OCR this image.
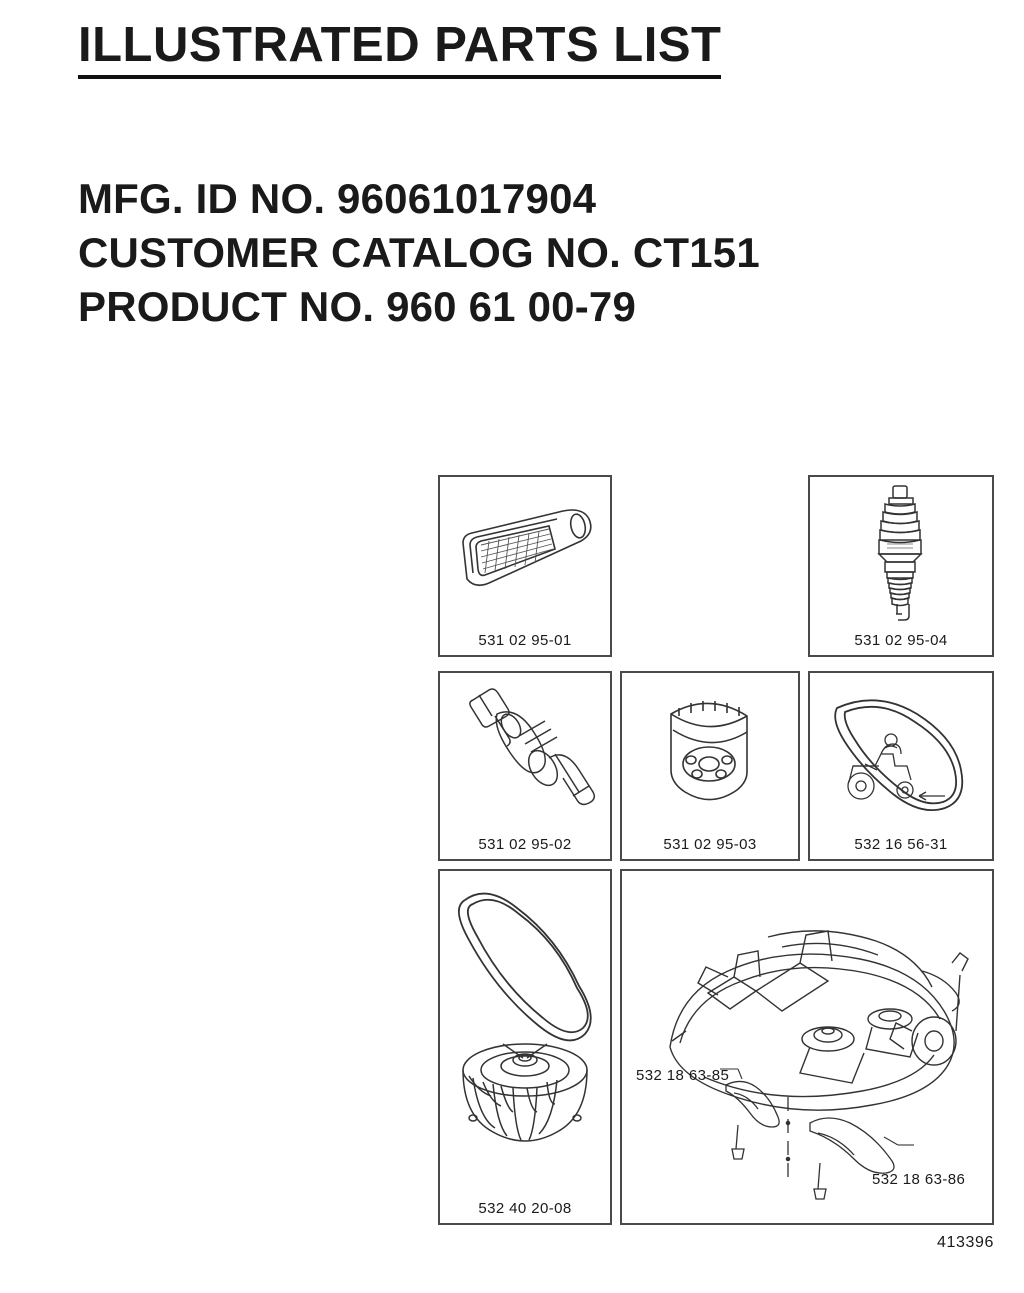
ILLUSTRATED PARTS LIST
MFG. ID NO. 96061017904
CUSTOMER CATALOG NO. CT151
PRODUCT NO. 960 61 00-79
531 02 95-01	531 02 95-04
531 02 95-02	531 02 95-03	532 16 56-31
532 40 20-08
532 18 63-85
532 18 63-86
413396
